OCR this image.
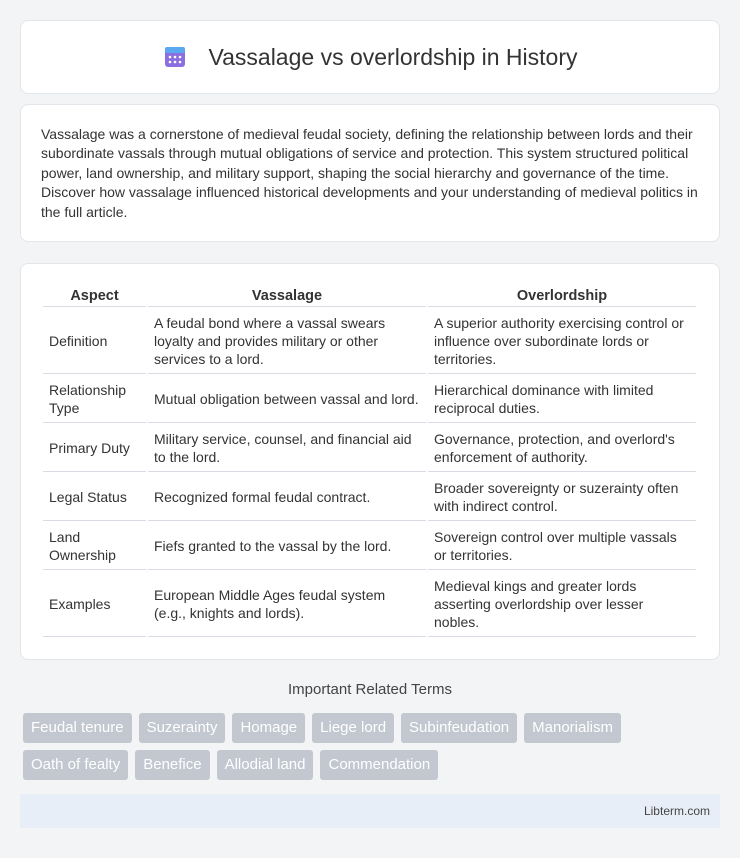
Vassalage vs overlordship in History

Vassalage was a cornerstone of medieval feudal society, defining the relationship between lords and their subordinate vassals through mutual obligations of service and protection. This system structured political power, land ownership, and military support, shaping the social hierarchy and governance of the time. Discover how vassalage influenced historical developments and your understanding of medieval politics in the full article.

Aspect	Vassalage	Overlordship
Definition	A feudal bond where a vassal swears loyalty and provides military or other services to a lord.	A superior authority exercising control or influence over subordinate lords or territories.
Relationship Type	Mutual obligation between vassal and lord.	Hierarchical dominance with limited reciprocal duties.
Primary Duty	Military service, counsel, and financial aid to the lord.	Governance, protection, and overlord's enforcement of authority.
Legal Status	Recognized formal feudal contract.	Broader sovereignty or suzerainty often with indirect control.
Land Ownership	Fiefs granted to the vassal by the lord.	Sovereign control over multiple vassals or territories.
Examples	European Middle Ages feudal system (e.g., knights and lords).	Medieval kings and greater lords asserting overlordship over lesser nobles.
Important Related Terms
Feudal tenure	Suzerainty	Homage	Liege lord	Subinfeudation	Manorialism
Oath of fealty	Benefice	Allodial land	Commendation
Libterm.com
